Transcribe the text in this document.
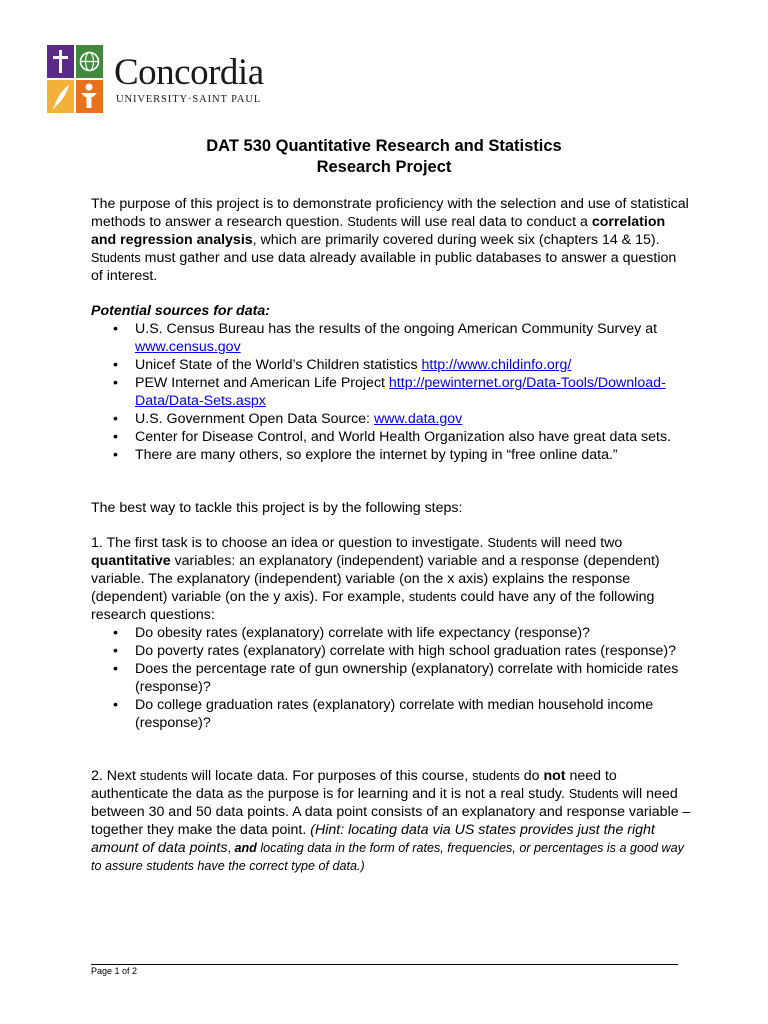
Concordia
UNIVERSITY·SAINT PAUL
DAT 530 Quantitative Research and Statistics
Research Project
The purpose of this project is to demonstrate proficiency with the selection and use of statistical methods to answer a research question. Students will use real data to conduct a correlation and regression analysis, which are primarily covered during week six (chapters 14 & 15). Students must gather and use data already available in public databases to answer a question of interest.
Potential sources for data:
• U.S. Census Bureau has the results of the ongoing American Community Survey at www.census.gov
• Unicef State of the World’s Children statistics http://www.childinfo.org/
• PEW Internet and American Life Project http://pewinternet.org/Data-Tools/Download-Data/Data-Sets.aspx
• U.S. Government Open Data Source: www.data.gov
• Center for Disease Control, and World Health Organization also have great data sets.
• There are many others, so explore the internet by typing in “free online data.”
The best way to tackle this project is by the following steps:
1. The first task is to choose an idea or question to investigate. Students will need two quantitative variables: an explanatory (independent) variable and a response (dependent) variable. The explanatory (independent) variable (on the x axis) explains the response (dependent) variable (on the y axis). For example, students could have any of the following research questions:
• Do obesity rates (explanatory) correlate with life expectancy (response)?
• Do poverty rates (explanatory) correlate with high school graduation rates (response)?
• Does the percentage rate of gun ownership (explanatory) correlate with homicide rates (response)?
• Do college graduation rates (explanatory) correlate with median household income (response)?
2. Next students will locate data. For purposes of this course, students do not need to authenticate the data as the purpose is for learning and it is not a real study. Students will need between 30 and 50 data points. A data point consists of an explanatory and response variable – together they make the data point. (Hint: locating data via US states provides just the right amount of data points, and locating data in the form of rates, frequencies, or percentages is a good way to assure students have the correct type of data.)
Page 1 of 2
